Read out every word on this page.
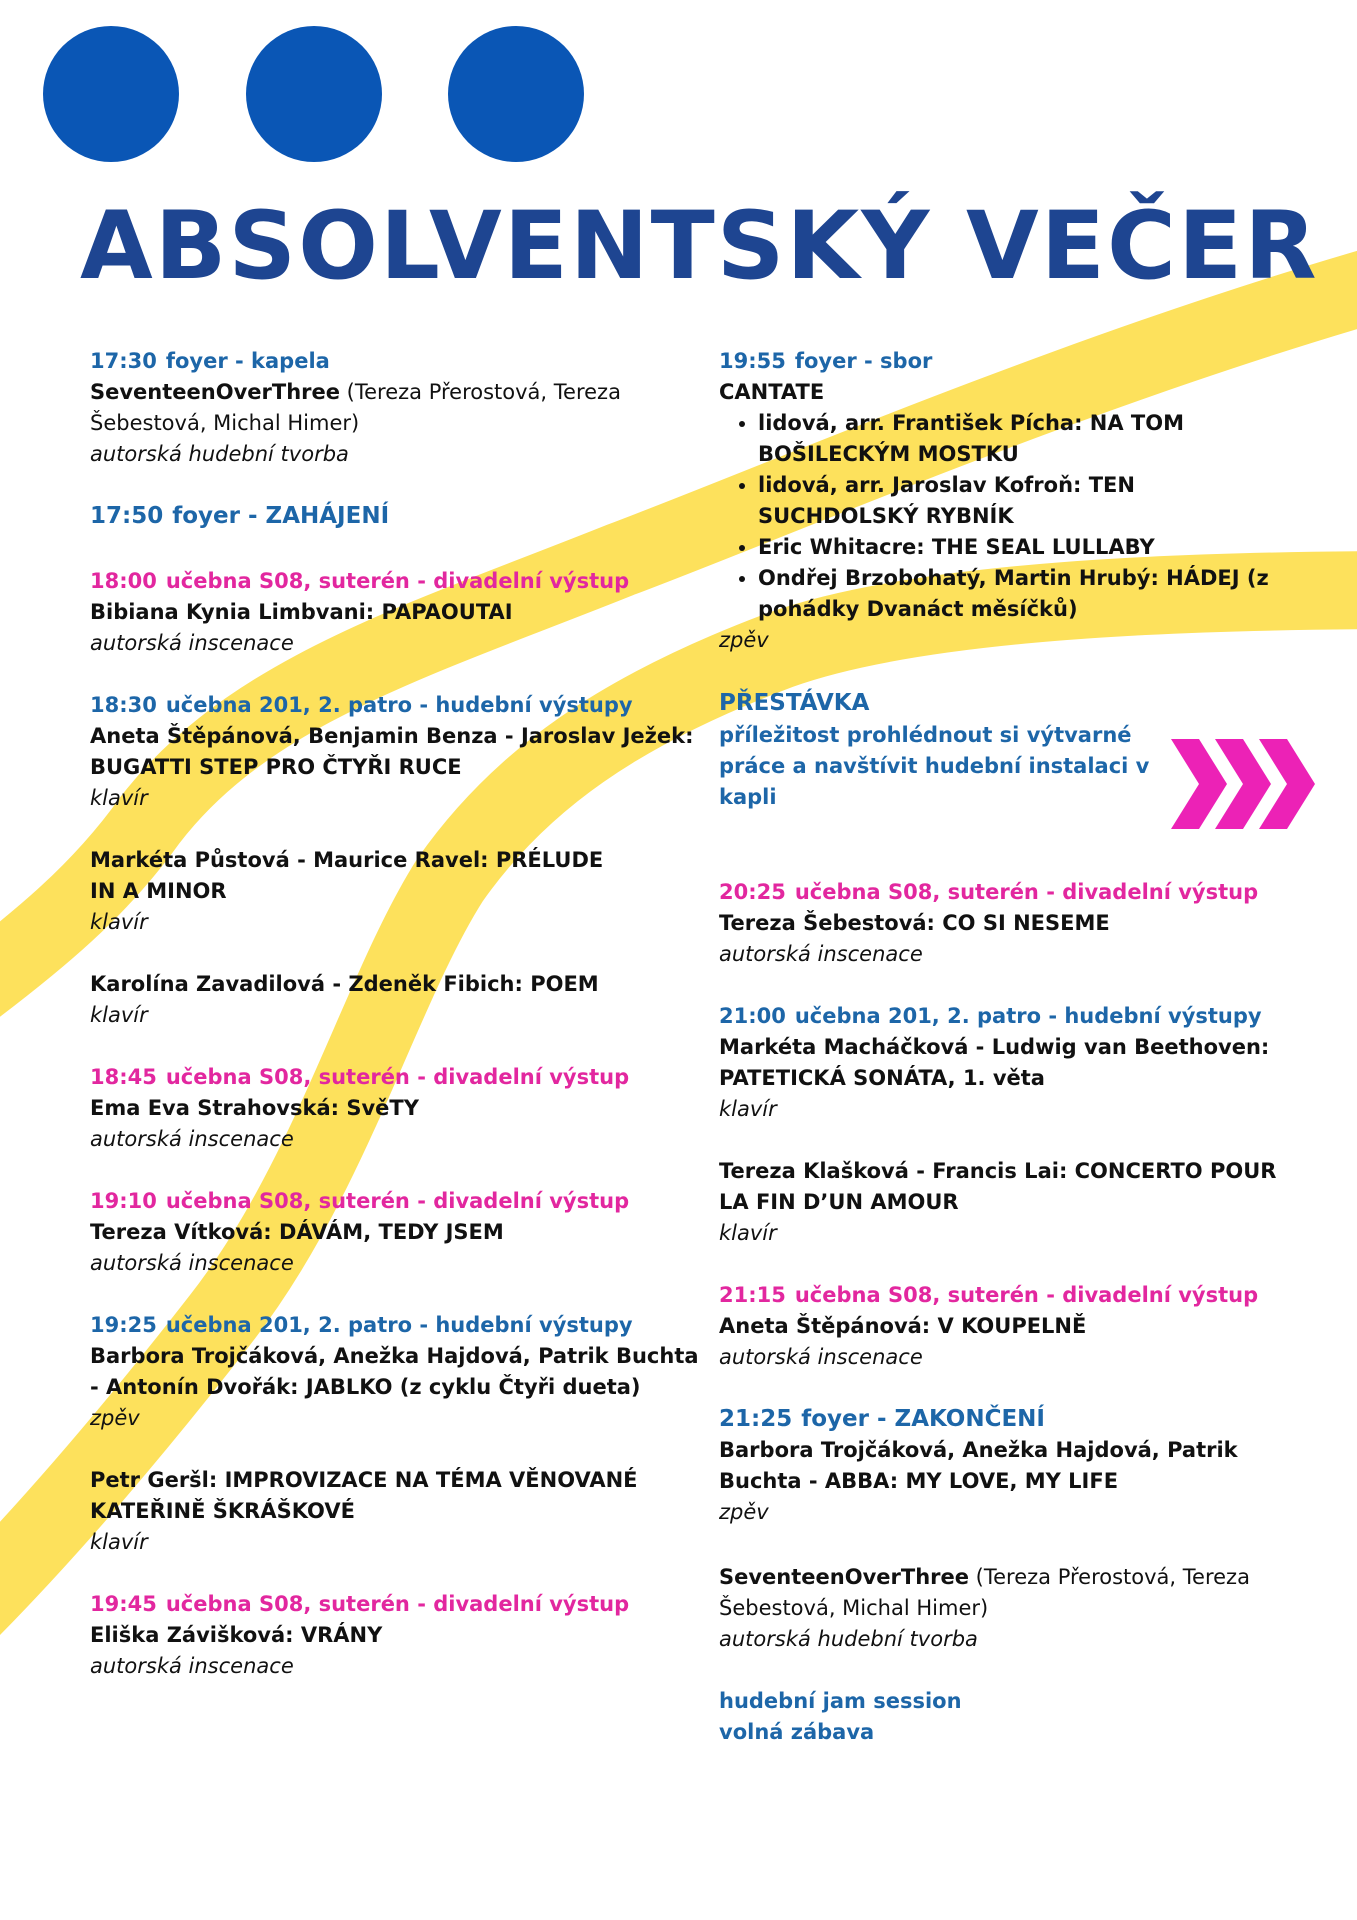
ABSOLVENTSKÝ VEČER
17:30 foyer - kapela
SeventeenOverThree (Tereza Přerostová, Tereza Šebestová, Michal Himer)
autorská hudební tvorba
17:50 foyer - ZAHÁJENÍ
18:00 učebna S08, suterén - divadelní výstup
Bibiana Kynia Limbvani: PAPAOUTAI
autorská inscenace
18:30 učebna 201, 2. patro - hudební výstupy
Aneta Štěpánová, Benjamin Benza - Jaroslav Ježek:
BUGATTI STEP PRO ČTYŘI RUCE
klavír
Markéta Půstová - Maurice Ravel: PRÉLUDE
IN A MINOR
klavír
Karolína Zavadilová - Zdeněk Fibich: POEM
klavír
18:45 učebna S08, suterén - divadelní výstup
Ema Eva Strahovská: SvěTY
autorská inscenace
19:10 učebna S08, suterén - divadelní výstup
Tereza Vítková: DÁVÁM, TEDY JSEM
autorská inscenace
19:25 učebna 201, 2. patro - hudební výstupy
Barbora Trojčáková, Anežka Hajdová, Patrik Buchta
- Antonín Dvořák: JABLKO (z cyklu Čtyři dueta)
zpěv
Petr Geršl: IMPROVIZACE NA TÉMA VĚNOVANÉ
KATEŘINĚ ŠKRÁŠKOVÉ
klavír
19:45 učebna S08, suterén - divadelní výstup
Eliška Závišková: VRÁNY
autorská inscenace
19:55 foyer - sbor
CANTATE
• lidová, arr. František Pícha: NA TOM BOŠILECKÝM MOSTKU
• lidová, arr. Jaroslav Kofroň: TEN SUCHDOLSKÝ RYBNÍK
• Eric Whitacre: THE SEAL LULLABY
• Ondřej Brzobohatý, Martin Hrubý: HÁDEJ (z pohádky Dvanáct měsíčků)
zpěv
PŘESTÁVKA
příležitost prohlédnout si výtvarné práce a navštívit hudební instalaci v kapli
20:25 učebna S08, suterén - divadelní výstup
Tereza Šebestová: CO SI NESEME
autorská inscenace
21:00 učebna 201, 2. patro - hudební výstupy
Markéta Macháčková - Ludwig van Beethoven:
PATETICKÁ SONÁTA, 1. věta
klavír
Tereza Klašková - Francis Lai: CONCERTO POUR
LA FIN D’UN AMOUR
klavír
21:15 učebna S08, suterén - divadelní výstup
Aneta Štěpánová: V KOUPELNĚ
autorská inscenace
21:25 foyer - ZAKONČENÍ
Barbora Trojčáková, Anežka Hajdová, Patrik
Buchta - ABBA: MY LOVE, MY LIFE
zpěv
SeventeenOverThree (Tereza Přerostová, Tereza Šebestová, Michal Himer)
autorská hudební tvorba
hudební jam session
volná zábava
